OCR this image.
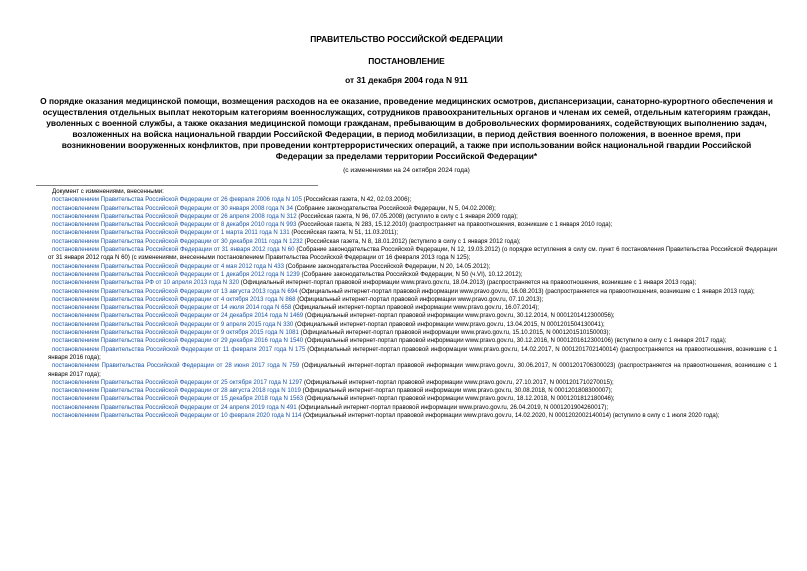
ПРАВИТЕЛЬСТВО РОССИЙСКОЙ ФЕДЕРАЦИИ
ПОСТАНОВЛЕНИЕ
от 31 декабря 2004 года N 911
О порядке оказания медицинской помощи, возмещения расходов на ее оказание, проведение медицинских осмотров, диспансеризации, санаторно-курортного обеспечения и осуществления отдельных выплат некоторым категориям военнослужащих, сотрудников правоохранительных органов и членам их семей, отдельным категориям граждан, уволенных с военной службы, а также оказания медицинской помощи гражданам, пребывающим в добровольческих формированиях, содействующих выполнению задач, возложенных на войска национальной гвардии Российской Федерации, в период мобилизации, в период действия военного положения, в военное время, при возникновении вооруженных конфликтов, при проведении контртеррористических операций, а также при использовании войск национальной гвардии Российской Федерации за пределами территории Российской Федерации*
(с изменениями на 24 октября 2024 года)
Документ с изменениями, внесенными:
постановлением Правительства Российской Федерации от 26 февраля 2006 года N 105 (Российская газета, N 42, 02.03.2006);
постановлением Правительства Российской Федерации от 30 января 2008 года N 34 (Собрание законодательства Российской Федерации, N 5, 04.02.2008);
постановлением Правительства Российской Федерации от 26 апреля 2008 года N 312 (Российская газета, N 96, 07.05.2008) (вступило в силу с 1 января 2009 года);
постановлением Правительства Российской Федерации от 8 декабря 2010 года N 993 (Российская газета, N 283, 15.12.2010) (распространяет на правоотношения, возникшие с 1 января 2010 года);
постановлением Правительства Российской Федерации от 1 марта 2011 года N 131 (Российская газета, N 51, 11.03.2011);
постановлением Правительства Российской Федерации от 30 декабря 2011 года N 1232 (Российская газета, N 8, 18.01.2012) (вступило в силу с 1 января 2012 года);
постановлением Правительства Российской Федерации от 31 января 2012 года N 60 (Собрание законодательства Российской Федерации, N 12, 19.03.2012) (о порядке вступления в силу см. пункт 6 постановления Правительства Российской Федерации от 31 января 2012 года N 60) (с изменениями, внесенными постановлением Правительства Российской Федерации от 16 февраля 2013 года N 125);
постановлением Правительства Российской Федерации от 4 мая 2012 года N 433 (Собрание законодательства Российской Федерации, N 20, 14.05.2012);
постановлением Правительства Российской Федерации от 1 декабря 2012 года N 1239 (Собрание законодательства Российской Федерации, N 50 (ч.VI), 10.12.2012);
постановлением Правительства РФ от 10 апреля 2013 года N 320 (Официальный интернет-портал правовой информации www.pravo.gov.ru, 18.04.2013) (распространяется на правоотношения, возникшие с 1 января 2013 года);
постановлением Правительства Российской Федерации от 13 августа 2013 года N 694 (Официальный интернет-портал правовой информации www.pravo.gov.ru, 16.08.2013) (распространяется на правоотношения, возникшие с 1 января 2013 года);
постановлением Правительства Российской Федерации от 4 октября 2013 года N 868 (Официальный интернет-портал правовой информации www.pravo.gov.ru, 07.10.2013);
постановлением Правительства Российской Федерации от 14 июля 2014 года N 658 (Официальный интернет-портал правовой информации www.pravo.gov.ru, 16.07.2014);
постановлением Правительства Российской Федерации от 24 декабря 2014 года N 1469 (Официальный интернет-портал правовой информации www.pravo.gov.ru, 30.12.2014, N 0001201412300056);
постановлением Правительства Российской Федерации от 9 апреля 2015 года N 330 (Официальный интернет-портал правовой информации www.pravo.gov.ru, 13.04.2015, N 0001201504130041);
постановлением Правительства Российской Федерации от 9 октября 2015 года N 1081 (Официальный интернет-портал правовой информации www.pravo.gov.ru, 15.10.2015, N 0001201510150003);
постановлением Правительства Российской Федерации от 29 декабря 2016 года N 1540 (Официальный интернет-портал правовой информации www.pravo.gov.ru, 30.12.2016, N 0001201612300106) (вступило в силу с 1 января 2017 года);
постановлением Правительства Российской Федерации от 11 февраля 2017 года N 175 (Официальный интернет-портал правовой информации www.pravo.gov.ru, 14.02.2017, N 0001201702140014) (распространяется на правоотношения, возникшие с 1 января 2016 года);
постановлением Правительства Российской Федерации от 28 июня 2017 года N 759 (Официальный интернет-портал правовой информации www.pravo.gov.ru, 30.06.2017, N 0001201706300023) (распространяется на правоотношения, возникшие с 1 января 2017 года);
постановлением Правительства Российской Федерации от 25 октября 2017 года N 1297 (Официальный интернет-портал правовой информации www.pravo.gov.ru, 27.10.2017, N 0001201710270015);
постановлением Правительства Российской Федерации от 28 августа 2018 года N 1019 (Официальный интернет-портал правовой информации www.pravo.gov.ru, 30.08.2018, N 0001201808300007);
постановлением Правительства Российской Федерации от 15 декабря 2018 года N 1563 (Официальный интернет-портал правовой информации www.pravo.gov.ru, 18.12.2018, N 0001201812180046);
постановлением Правительства Российской Федерации от 24 апреля 2019 года N 491 (Официальный интернет-портал правовой информации www.pravo.gov.ru, 26.04.2019, N 0001201904260017);
постановлением Правительства Российской Федерации от 10 февраля 2020 года N 114 (Официальный интернет-портал правовой информации www.pravo.gov.ru, 14.02.2020, N 0001202002140014) (вступило в силу с 1 июля 2020 года);
